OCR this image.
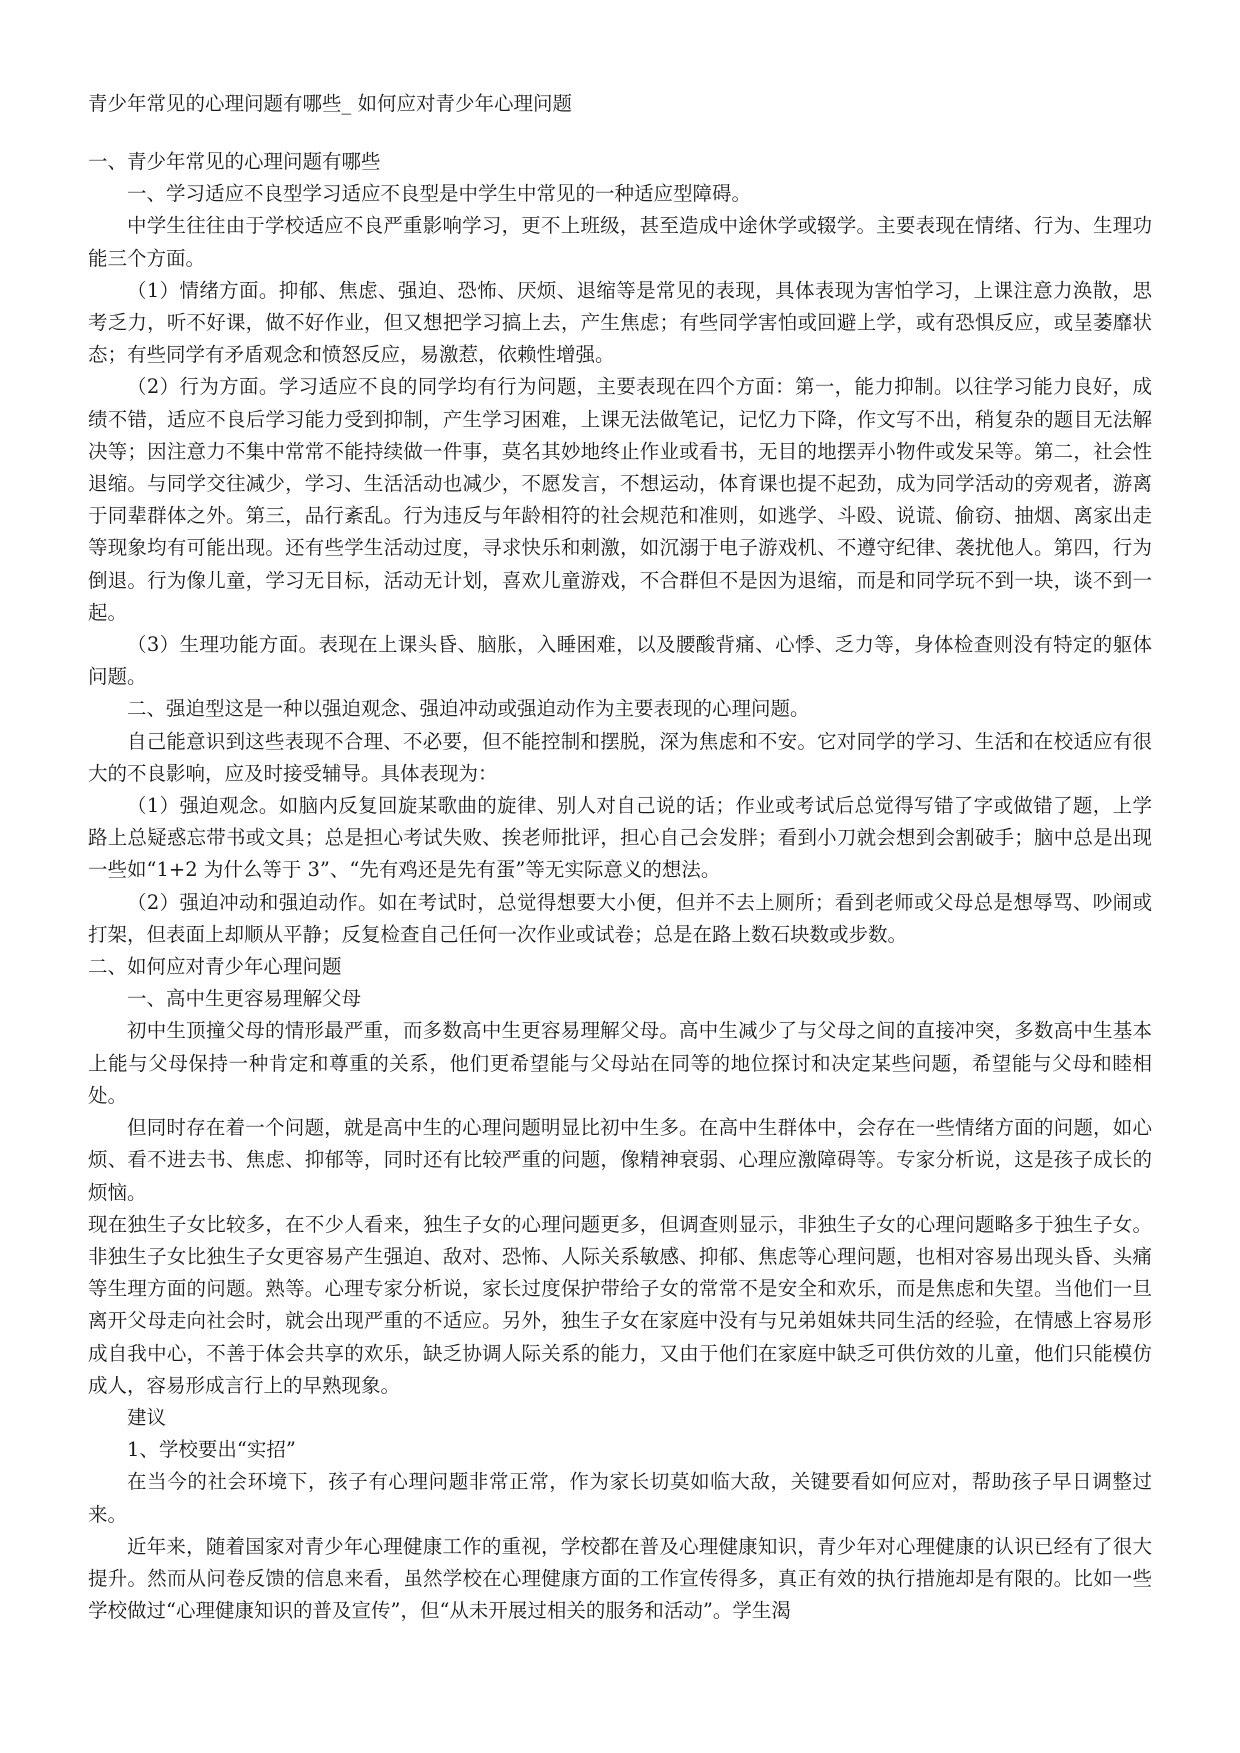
青少年常见的心理问题有哪些_ 如何应对青少年心理问题

一、青少年常见的心理问题有哪些

一、学习适应不良型学习适应不良型是中学生中常见的一种适应型障碍。

中学生往往由于学校适应不良严重影响学习，更不上班级，甚至造成中途休学或辍学。主要表现在情绪、行为、生理功能三个方面。

（1）情绪方面。抑郁、焦虑、强迫、恐怖、厌烦、退缩等是常见的表现，具体表现为害怕学习，上课注意力涣散，思考乏力，听不好课，做不好作业，但又想把学习搞上去，产生焦虑；有些同学害怕或回避上学，或有恐惧反应，或呈萎靡状态；有些同学有矛盾观念和愤怒反应，易激惹，依赖性增强。

（2）行为方面。学习适应不良的同学均有行为问题，主要表现在四个方面：第一，能力抑制。以往学习能力良好，成绩不错，适应不良后学习能力受到抑制，产生学习困难，上课无法做笔记，记忆力下降，作文写不出，稍复杂的题目无法解决等；因注意力不集中常常不能持续做一件事，莫名其妙地终止作业或看书，无目的地摆弄小物件或发呆等。第二，社会性退缩。与同学交往减少，学习、生活活动也减少，不愿发言，不想运动，体育课也提不起劲，成为同学活动的旁观者，游离于同辈群体之外。第三，品行紊乱。行为违反与年龄相符的社会规范和准则，如逃学、斗殴、说谎、偷窃、抽烟、离家出走等现象均有可能出现。还有些学生活动过度，寻求快乐和刺激，如沉溺于电子游戏机、不遵守纪律、袭扰他人。第四，行为倒退。行为像儿童，学习无目标，活动无计划，喜欢儿童游戏，不合群但不是因为退缩，而是和同学玩不到一块，谈不到一起。

（3）生理功能方面。表现在上课头昏、脑胀，入睡困难，以及腰酸背痛、心悸、乏力等，身体检查则没有特定的躯体问题。

二、强迫型这是一种以强迫观念、强迫冲动或强迫动作为主要表现的心理问题。

自己能意识到这些表现不合理、不必要，但不能控制和摆脱，深为焦虑和不安。它对同学的学习、生活和在校适应有很大的不良影响，应及时接受辅导。具体表现为：

（1）强迫观念。如脑内反复回旋某歌曲的旋律、别人对自己说的话；作业或考试后总觉得写错了字或做错了题，上学路上总疑惑忘带书或文具；总是担心考试失败、挨老师批评，担心自己会发胖；看到小刀就会想到会割破手；脑中总是出现一些如“1+2 为什么等于 3”、“先有鸡还是先有蛋”等无实际意义的想法。

（2）强迫冲动和强迫动作。如在考试时，总觉得想要大小便，但并不去上厕所；看到老师或父母总是想辱骂、吵闹或打架，但表面上却顺从平静；反复检查自己任何一次作业或试卷；总是在路上数石块数或步数。

二、如何应对青少年心理问题

一、高中生更容易理解父母

初中生顶撞父母的情形最严重，而多数高中生更容易理解父母。高中生减少了与父母之间的直接冲突，多数高中生基本上能与父母保持一种肯定和尊重的关系，他们更希望能与父母站在同等的地位探讨和决定某些问题，希望能与父母和睦相处。

但同时存在着一个问题，就是高中生的心理问题明显比初中生多。在高中生群体中，会存在一些情绪方面的问题，如心烦、看不进去书、焦虑、抑郁等，同时还有比较严重的问题，像精神衰弱、心理应激障碍等。专家分析说，这是孩子成长的烦恼。

现在独生子女比较多，在不少人看来，独生子女的心理问题更多，但调查则显示，非独生子女的心理问题略多于独生子女。非独生子女比独生子女更容易产生强迫、敌对、恐怖、人际关系敏感、抑郁、焦虑等心理问题，也相对容易出现头昏、头痛等生理方面的问题。熟等。心理专家分析说，家长过度保护带给子女的常常不是安全和欢乐，而是焦虑和失望。当他们一旦离开父母走向社会时，就会出现严重的不适应。另外，独生子女在家庭中没有与兄弟姐妹共同生活的经验，在情感上容易形成自我中心，不善于体会共享的欢乐，缺乏协调人际关系的能力，又由于他们在家庭中缺乏可供仿效的儿童，他们只能模仿成人，容易形成言行上的早熟现象。

建议

1、学校要出“实招”

在当今的社会环境下，孩子有心理问题非常正常，作为家长切莫如临大敌，关键要看如何应对，帮助孩子早日调整过来。

近年来，随着国家对青少年心理健康工作的重视，学校都在普及心理健康知识，青少年对心理健康的认识已经有了很大提升。然而从问卷反馈的信息来看，虽然学校在心理健康方面的工作宣传得多，真正有效的执行措施却是有限的。比如一些学校做过“心理健康知识的普及宣传”，但“从未开展过相关的服务和活动”。学生渴
